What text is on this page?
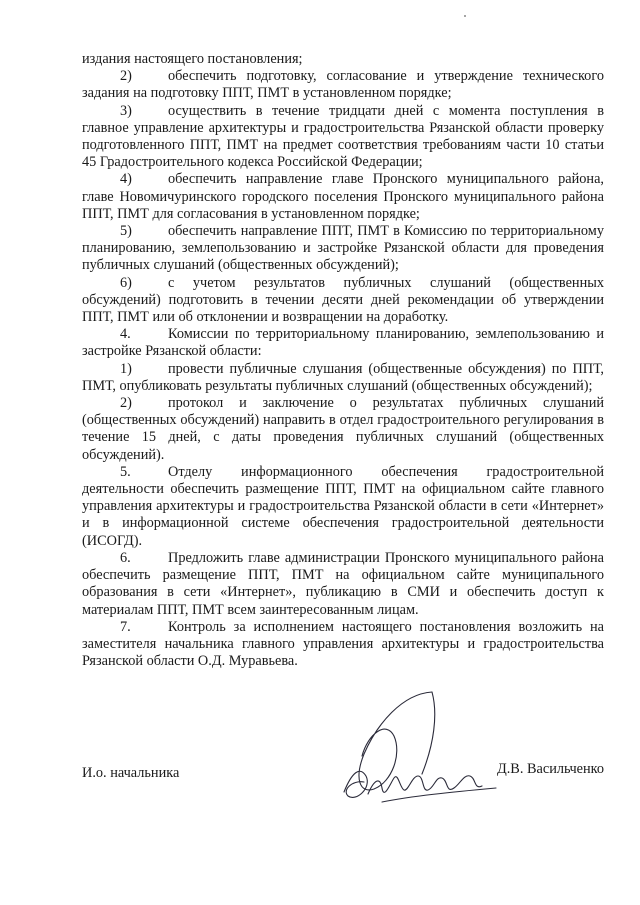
издания настоящего постановления;

2)	обеспечить подготовку, согласование и утверждение технического задания на подготовку ППТ, ПМТ в установленном порядке;

3)	осуществить в течение тридцати дней с момента поступления в главное управление архитектуры и градостроительства Рязанской области проверку подготовленного ППТ, ПМТ на предмет соответствия требованиям части 10 статьи 45 Градостроительного кодекса Российской Федерации;

4)	обеспечить направление главе Пронского муниципального района, главе Новомичуринского городского поселения Пронского муниципального района ППТ, ПМТ для согласования в установленном порядке;

5)	обеспечить направление ППТ, ПМТ в Комиссию по территориальному планированию, землепользованию и застройке Рязанской области для проведения публичных слушаний (общественных обсуждений);

6)	с учетом результатов публичных слушаний (общественных обсуждений) подготовить в течении десяти дней рекомендации об утверждении ППТ, ПМТ или об отклонении и возвращении на доработку.

4.	Комиссии по территориальному планированию, землепользованию и застройке Рязанской области:

1)	провести публичные слушания (общественные обсуждения) по ППТ, ПМТ, опубликовать результаты публичных слушаний (общественных обсуждений);

2)	протокол и заключение о результатах публичных слушаний (общественных обсуждений) направить в отдел градостроительного регулирования в течение 15 дней, с даты проведения публичных слушаний (общественных обсуждений).

5.	Отделу информационного обеспечения градостроительной деятельности обеспечить размещение ППТ, ПМТ на официальном сайте главного управления архитектуры и градостроительства Рязанской области в сети «Интернет» и в информационной системе обеспечения градостроительной деятельности (ИСОГД).

6.	Предложить главе администрации Пронского муниципального района обеспечить размещение ППТ, ПМТ на официальном сайте муниципального образования в сети «Интернет», публикацию в СМИ и обеспечить доступ к материалам ППТ, ПМТ всем заинтересованным лицам.

7.	Контроль за исполнением настоящего постановления возложить на заместителя начальника главного управления архитектуры и градостроительства Рязанской области О.Д. Муравьева.

И.о. начальника	Д.В. Васильченко
